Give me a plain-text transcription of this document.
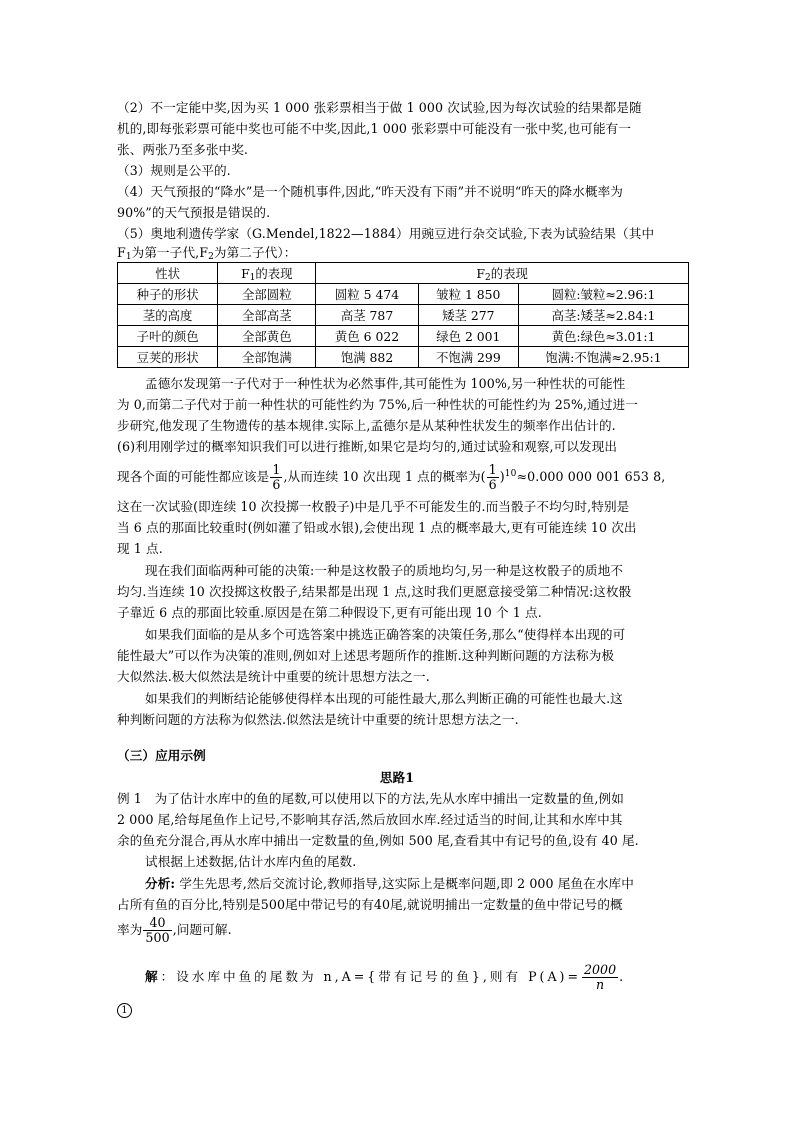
（2）不一定能中奖,因为买 1 000 张彩票相当于做 1 000 次试验,因为每次试验的结果都是随
机的,即每张彩票可能中奖也可能不中奖,因此,1 000 张彩票中可能没有一张中奖,也可能有一
张、两张乃至多张中奖.
（3）规则是公平的.
（4）天气预报的“降水”是一个随机事件,因此,“昨天没有下雨”并不说明“昨天的降水概率为
90%”的天气预报是错误的.
（5）奥地利遗传学家（G.Mendel,1822—1884）用豌豆进行杂交试验,下表为试验结果（其中
$F_1$为第一子代$,F_2$为第二子代）：
性状	$F_1$的表现	$F_2$的表现		
种子的形状	全部圆粒	圆粒 5 474	皱粒 1 850	圆粒:皱粒≈2.96:1
茎的高度	全部高茎	高茎 787	矮茎 277	高茎:矮茎≈2.84:1
子叶的颜色	全部黄色	黄色 6 022	绿色 2 001	黄色:绿色≈3.01:1
豆荚的形状	全部饱满	饱满 882	不饱满 299	饱满:不饱满≈2.95:1
孟德尔发现第一子代对于一种性状为必然事件,其可能性为 100%,另一种性状的可能性
为 0,而第二子代对于前一种性状的可能性约为 75%,后一种性状的可能性约为 25%,通过进一
步研究,他发现了生物遗传的基本规律.实际上,孟德尔是从某种性状发生的频率作出估计的.
(6)利用刚学过的概率知识我们可以进行推断,如果它是均匀的,通过试验和观察,可以发现出
现各个面的可能性都应该是 $\frac{1}{6}$ ,从而连续 10 次出现 1 点的概率为( $\frac{1}{6} )^{10}\approx 0.000$ 000 001 653 8,
这在一次试验(即连续 10 次投掷一枚骰子)中是几乎不可能发生的.而当骰子不均匀时,特别是
当 6 点的那面比较重时(例如灌了铅或水银),会使出现 1 点的概率最大,更有可能连续 10 次出
现 1 点.
现在我们面临两种可能的决策:一种是这枚骰子的质地均匀,另一种是这枚骰子的质地不
均匀.当连续 10 次投掷这枚骰子,结果都是出现 1 点,这时我们更愿意接受第二种情况:这枚骰
子靠近 6 点的那面比较重.原因是在第二种假设下,更有可能出现 10 个 1 点.
如果我们面临的是从多个可选答案中挑选正确答案的决策任务,那么“使得样本出现的可
能性最大”可以作为决策的准则,例如对上述思考题所作的推断.这种判断问题的方法称为极
大似然法.极大似然法是统计中重要的统计思想方法之一.
如果我们的判断结论能够使得样本出现的可能性最大,那么判断正确的可能性也最大.这
种判断问题的方法称为似然法.似然法是统计中重要的统计思想方法之一.
（三）应用示例
思路1
例 1　为了估计水库中的鱼的尾数,可以使用以下的方法,先从水库中捕出一定数量的鱼,例如
2 000 尾,给每尾鱼作上记号,不影响其存活,然后放回水库.经过适当的时间,让其和水库中其
余的鱼充分混合,再从水库中捕出一定数量的鱼,例如 500 尾,查看其中有记号的鱼,设有 40 尾.
试根据上述数据,估计水库内鱼的尾数.
分析: 学生先思考,然后交流讨论,教师指导,这实际上是概率问题,即 2 000 尾鱼在水库中
占所有鱼的百分比,特别是500尾中带记号的有40尾,就说明捕出一定数量的鱼中带记号的概
率为 $\frac{40}{500}$ ,问题可解.
解：设水库中鱼的尾数为 n,A={带有记号的鱼},则有 $P(A)= \frac{2000}{n}$ .
1
